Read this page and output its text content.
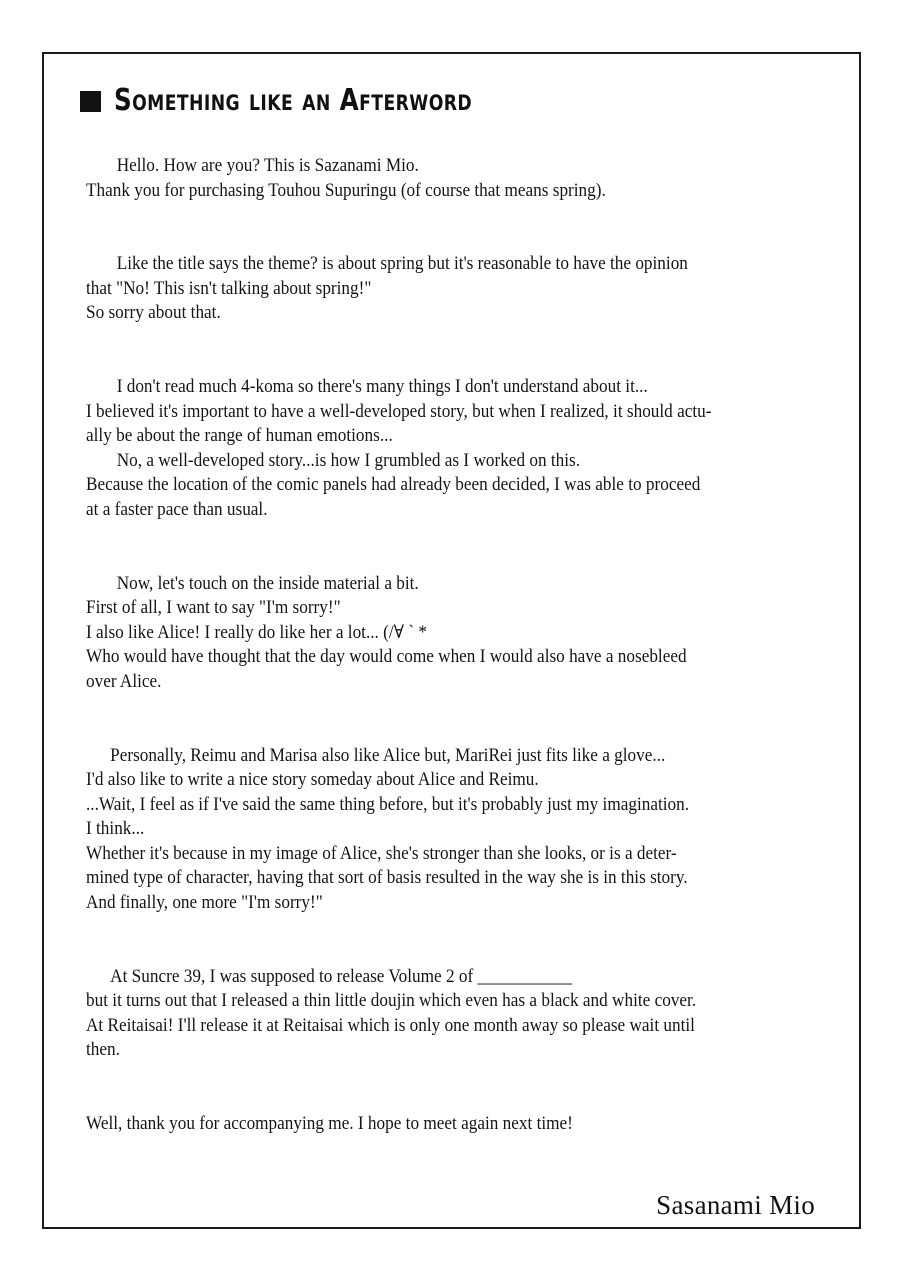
Something like an Afterword
Hello. How are you? This is Sazanami Mio.
Thank you for purchasing Touhou Supuringu (of course that means spring).
Like the title says the theme? is about spring but it's reasonable to have the opinion
that "No! This isn't talking about spring!"
So sorry about that.
I don't read much 4-koma so there's many things I don't understand about it...
I believed it's important to have a well-developed story, but when I realized, it should actu-
ally be about the range of human emotions...
No, a well-developed story...is how I grumbled as I worked on this.
Because the location of the comic panels had already been decided, I was able to proceed
at a faster pace than usual.
Now, let's touch on the inside material a bit.
First of all, I want to say "I'm sorry!"
I also like Alice! I really do like her a lot... (/∀ ` *
Who would have thought that the day would come when I would also have a nosebleed
over Alice.
Personally, Reimu and Marisa also like Alice but, MariRei just fits like a glove...
I'd also like to write a nice story someday about Alice and Reimu.
...Wait, I feel as if I've said the same thing before, but it's probably just my imagination.
I think...
Whether it's because in my image of Alice, she's stronger than she looks, or is a deter-
mined type of character, having that sort of basis resulted in the way she is in this story.
And finally, one more "I'm sorry!"
At Suncre 39, I was supposed to release Volume 2 of ___________
but it turns out that I released a thin little doujin which even has a black and white cover.
At Reitaisai! I'll release it at Reitaisai which is only one month away so please wait until
then.
Well, thank you for accompanying me. I hope to meet again next time!
Sasanami Mio
